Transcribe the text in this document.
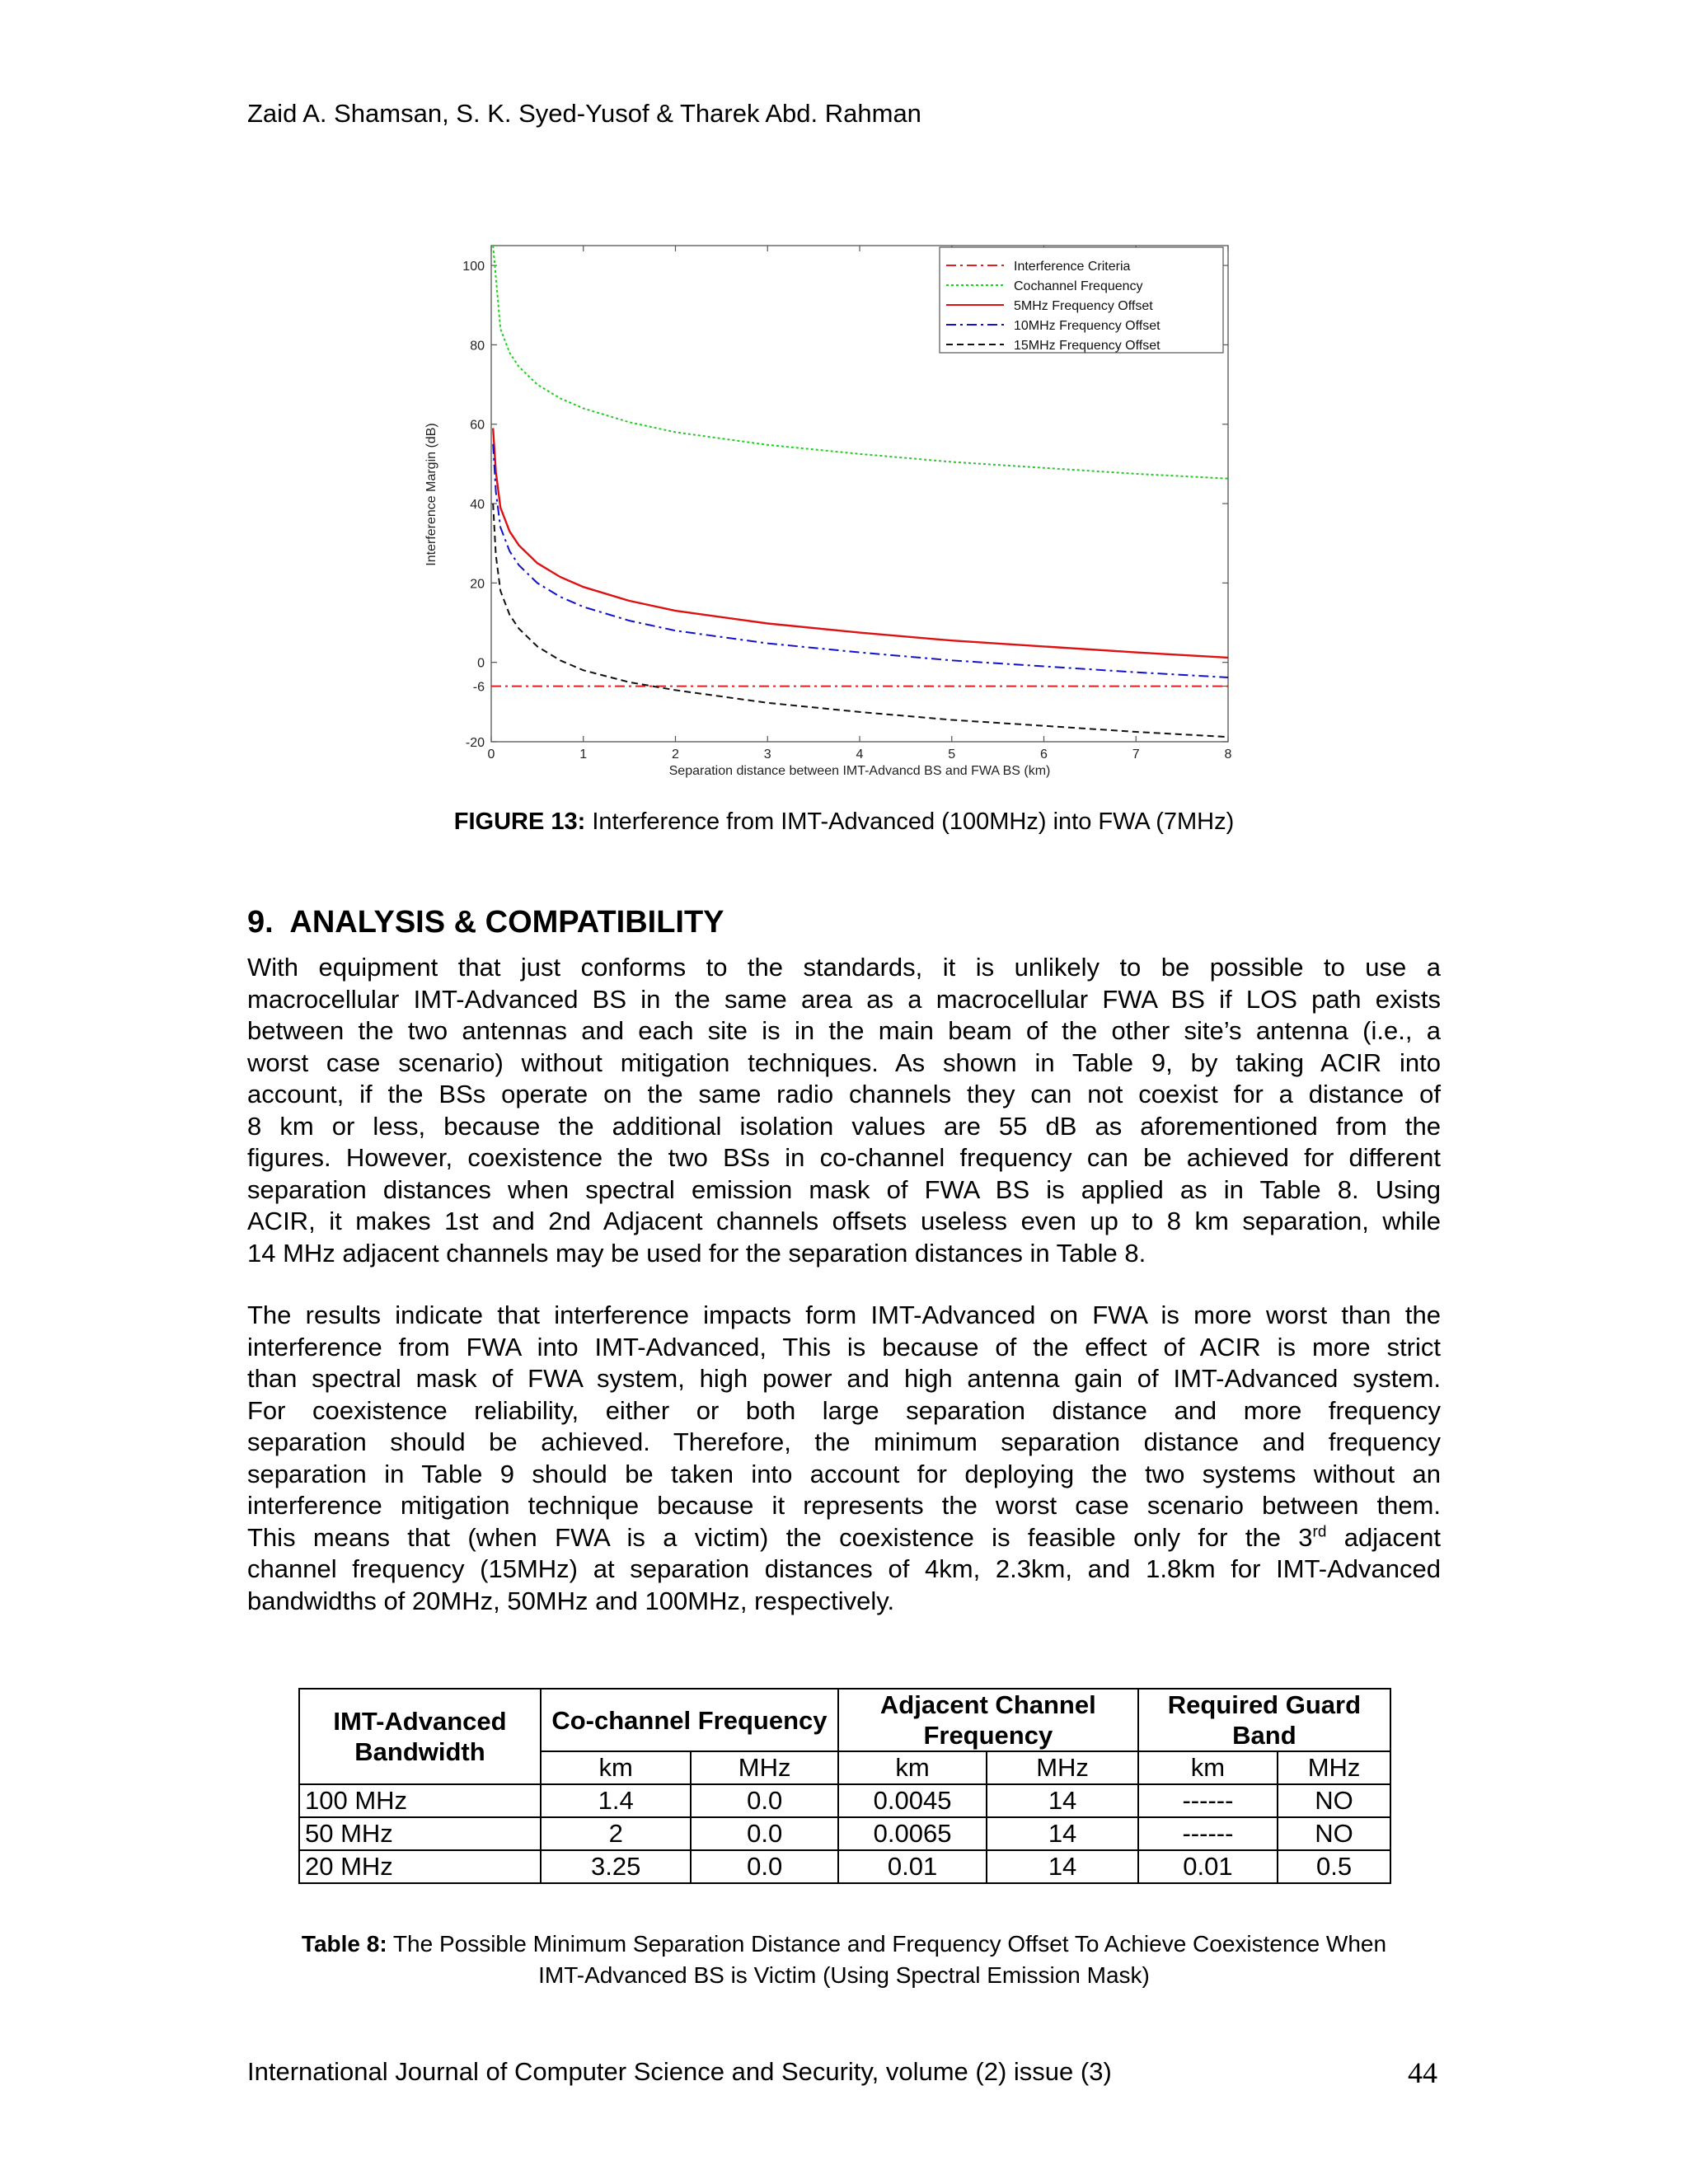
Zaid A. Shamsan, S. K. Syed-Yusof & Tharek Abd. Rahman
0	1	2	3	4	5	6	7	8
-20
-6
0
20
40
60
80
100
Separation distance between IMT-Advancd BS and FWA BS (km)
Interference Margin (dB)
Interference Criteria
Cochannel Frequency
5MHz Frequency Offset
10MHz Frequency Offset
15MHz Frequency Offset
FIGURE 13: Interference from IMT-Advanced (100MHz) into FWA (7MHz)
9. ANALYSIS & COMPATIBILITY
With equipment that just conforms to the standards, it is unlikely to be possible to use a
macrocellular IMT-Advanced BS in the same area as a macrocellular FWA BS if LOS path exists
between the two antennas and each site is in the main beam of the other site’s antenna (i.e., a
worst case scenario) without mitigation techniques. As shown in Table 9, by taking ACIR into
account, if the BSs operate on the same radio channels they can not coexist for a distance of
8 km or less, because the additional isolation values are 55 dB as aforementioned from the
figures. However, coexistence the two BSs in co-channel frequency can be achieved for different
separation distances when spectral emission mask of FWA BS is applied as in Table 8. Using
ACIR, it makes 1st and 2nd Adjacent channels offsets useless even up to 8 km separation, while
14 MHz adjacent channels may be used for the separation distances in Table 8.
The results indicate that interference impacts form IMT-Advanced on FWA is more worst than the
interference from FWA into IMT-Advanced, This is because of the effect of ACIR is more strict
than spectral mask of FWA system, high power and high antenna gain of IMT-Advanced system.
For coexistence reliability, either or both large separation distance and more frequency
separation should be achieved. Therefore, the minimum separation distance and frequency
separation in Table 9 should be taken into account for deploying the two systems without an
interference mitigation technique because it represents the worst case scenario between them.
This means that (when FWA is a victim) the coexistence is feasible only for the 3rd adjacent
channel frequency (15MHz) at separation distances of 4km, 2.3km, and 1.8km for IMT-Advanced
bandwidths of 20MHz, 50MHz and 100MHz, respectively.
IMT-Advanced Bandwidth	Co-channel Frequency		Adjacent Channel Frequency		Required Guard Band	
	km	MHz	km	MHz	km	MHz
100 MHz	1.4	0.0	0.0045	14	------	NO
50 MHz	2	0.0	0.0065	14	------	NO
20 MHz	3.25	0.0	0.01	14	0.01	0.5
Table 8: The Possible Minimum Separation Distance and Frequency Offset To Achieve Coexistence When
IMT-Advanced BS is Victim (Using Spectral Emission Mask)
International Journal of Computer Science and Security, volume (2) issue (3)	44
